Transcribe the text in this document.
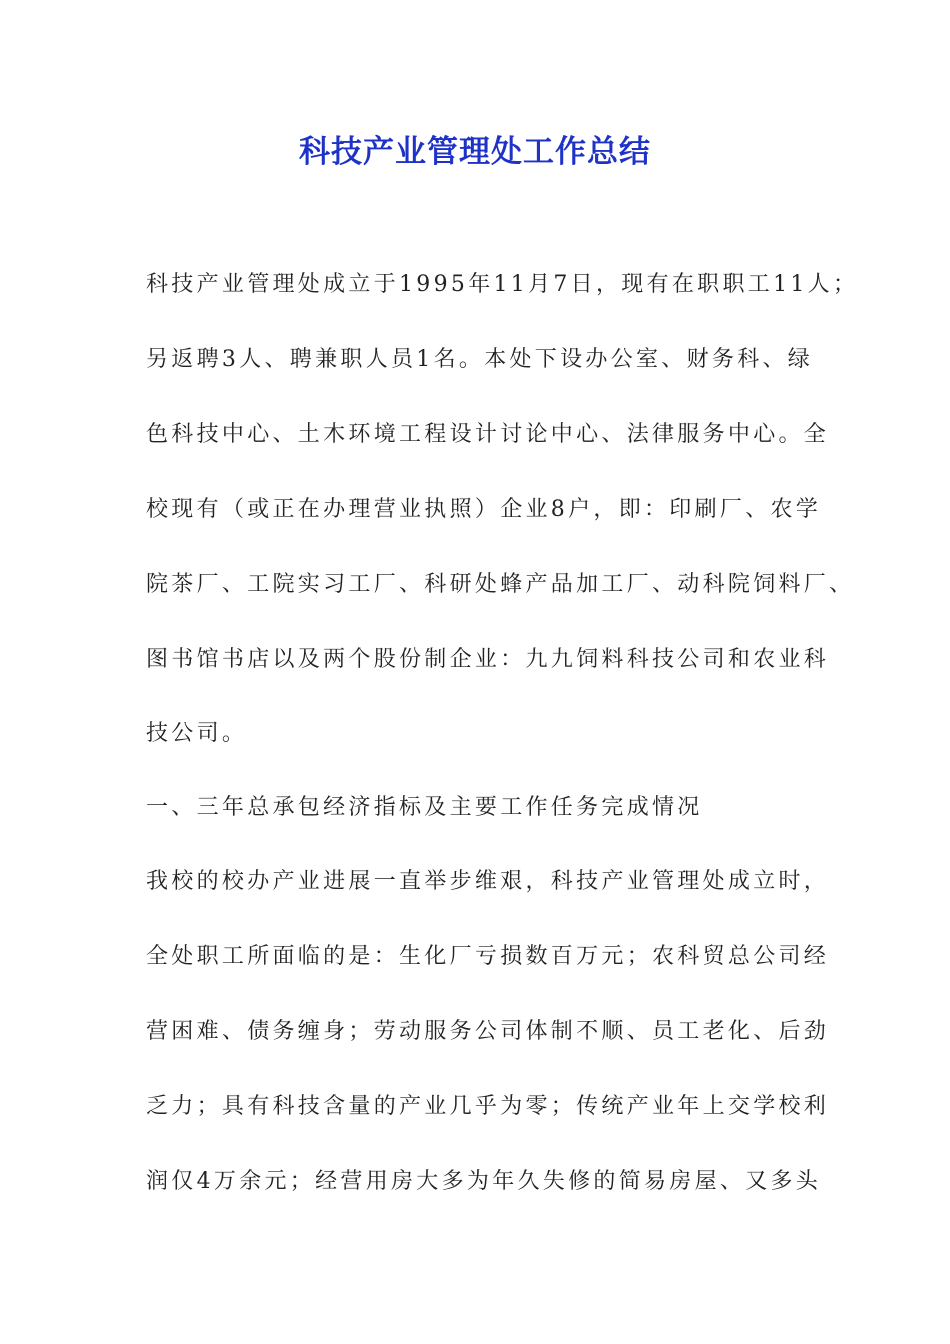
科技产业管理处工作总结
科技产业管理处成立于1995年11月7日，现有在职职工11人；
另返聘3人、聘兼职人员1名。本处下设办公室、财务科、绿
色科技中心、土木环境工程设计讨论中心、法律服务中心。全
校现有（或正在办理营业执照）企业8户，即：印刷厂、农学
院茶厂、工院实习工厂、科研处蜂产品加工厂、动科院饲料厂、
图书馆书店以及两个股份制企业：九九饲料科技公司和农业科
技公司。
一、三年总承包经济指标及主要工作任务完成情况
我校的校办产业进展一直举步维艰，科技产业管理处成立时，
全处职工所面临的是：生化厂亏损数百万元；农科贸总公司经
营困难、债务缠身；劳动服务公司体制不顺、员工老化、后劲
乏力；具有科技含量的产业几乎为零；传统产业年上交学校利
润仅4万余元；经营用房大多为年久失修的简易房屋、又多头
